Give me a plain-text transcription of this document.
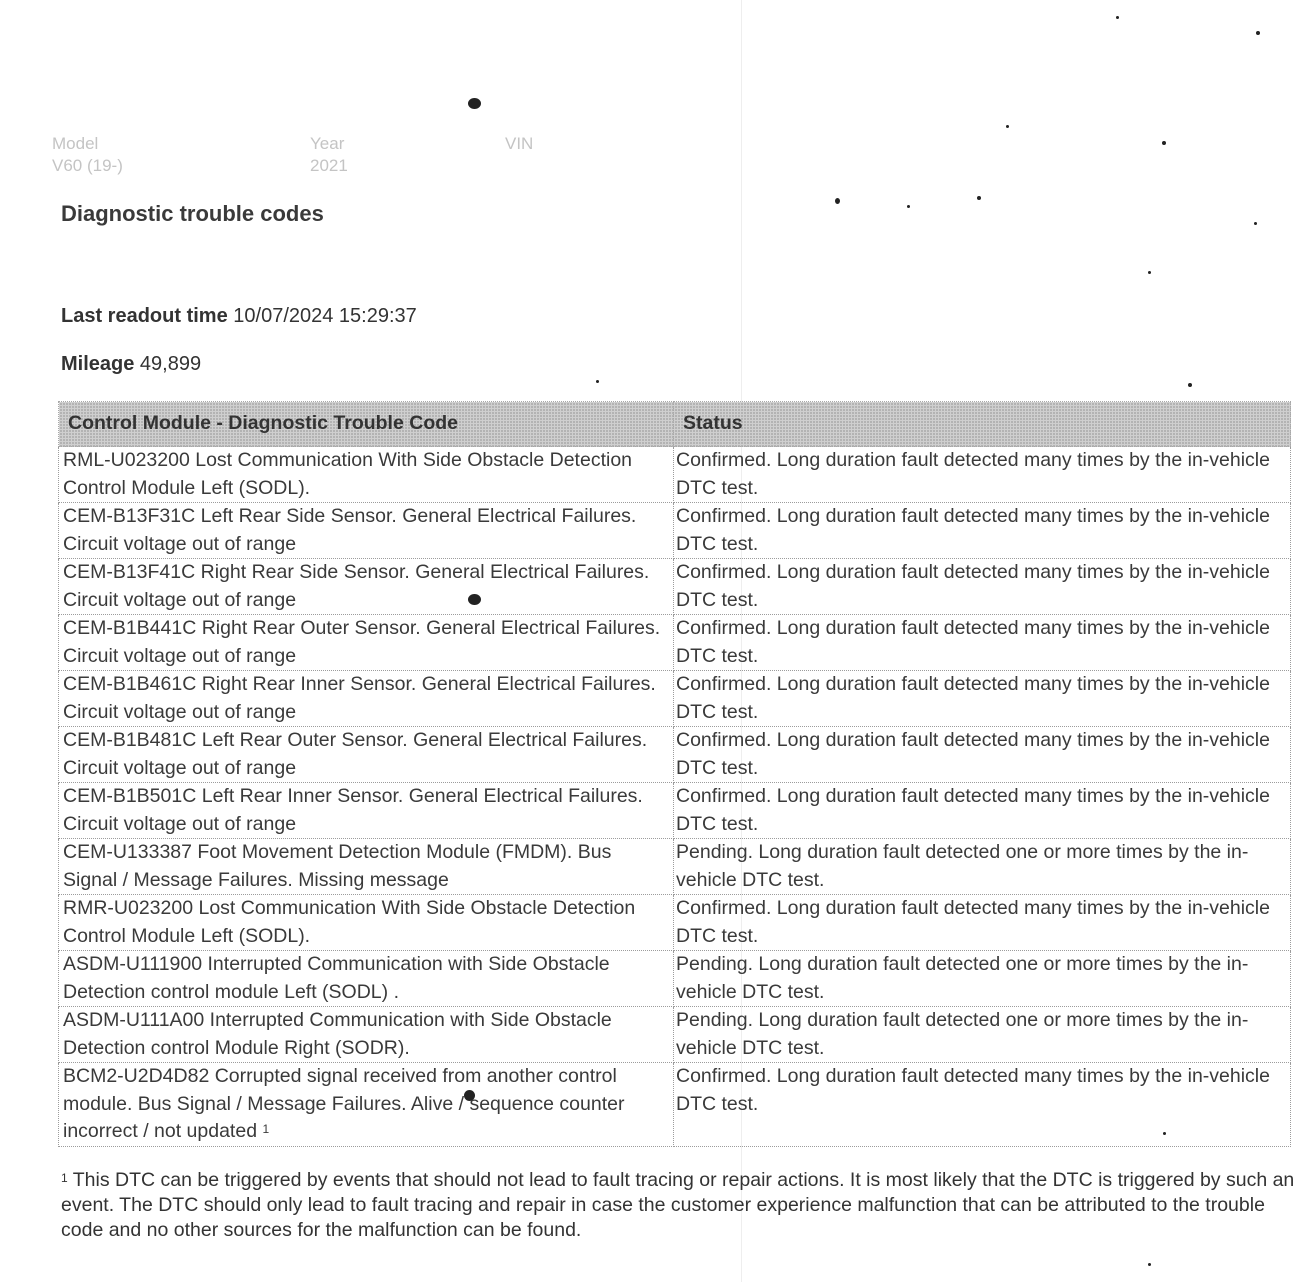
Model
V60 (19-)
Year
2021
VIN
Diagnostic trouble codes
Last readout time 10/07/2024 15:29:37
Mileage 49,899
Control Module - Diagnostic Trouble Code	Status
RML-U023200 Lost Communication With Side Obstacle Detection Control Module Left (SODL).	Confirmed. Long duration fault detected many times by the in-vehicle DTC test.
CEM-B13F31C Left Rear Side Sensor. General Electrical Failures. Circuit voltage out of range	Confirmed. Long duration fault detected many times by the in-vehicle DTC test.
CEM-B13F41C Right Rear Side Sensor. General Electrical Failures. Circuit voltage out of range	Confirmed. Long duration fault detected many times by the in-vehicle DTC test.
CEM-B1B441C Right Rear Outer Sensor. General Electrical Failures. Circuit voltage out of range	Confirmed. Long duration fault detected many times by the in-vehicle DTC test.
CEM-B1B461C Right Rear Inner Sensor. General Electrical Failures. Circuit voltage out of range	Confirmed. Long duration fault detected many times by the in-vehicle DTC test.
CEM-B1B481C Left Rear Outer Sensor. General Electrical Failures. Circuit voltage out of range	Confirmed. Long duration fault detected many times by the in-vehicle DTC test.
CEM-B1B501C Left Rear Inner Sensor. General Electrical Failures. Circuit voltage out of range	Confirmed. Long duration fault detected many times by the in-vehicle DTC test.
CEM-U133387 Foot Movement Detection Module (FMDM). Bus Signal / Message Failures. Missing message	Pending. Long duration fault detected one or more times by the in-vehicle DTC test.
RMR-U023200 Lost Communication With Side Obstacle Detection Control Module Left (SODL).	Confirmed. Long duration fault detected many times by the in-vehicle DTC test.
ASDM-U111900 Interrupted Communication with Side Obstacle Detection control module Left (SODL) .	Pending. Long duration fault detected one or more times by the in-vehicle DTC test.
ASDM-U111A00 Interrupted Communication with Side Obstacle Detection control Module Right (SODR).	Pending. Long duration fault detected one or more times by the in-vehicle DTC test.
BCM2-U2D4D82 Corrupted signal received from another control module. Bus Signal / Message Failures. Alive / sequence counter incorrect / not updated $^1$	Confirmed. Long duration fault detected many times by the in-vehicle DTC test.

$^1$ This DTC can be triggered by events that should not lead to fault tracing or repair actions. It is most likely that the DTC is triggered by such an event. The DTC should only lead to fault tracing and repair in case the customer experience malfunction that can be attributed to the trouble code and no other sources for the malfunction can be found.
